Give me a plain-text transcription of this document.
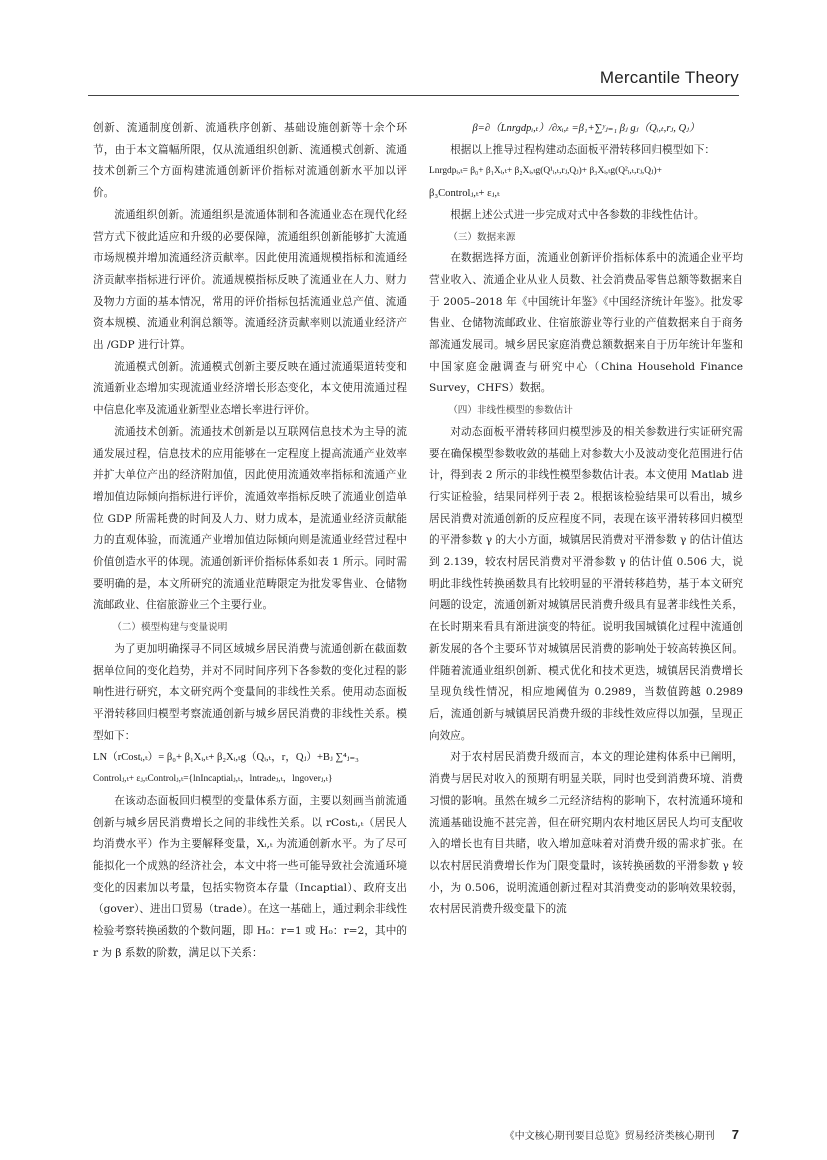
Mercantile Theory

创新、流通制度创新、流通秩序创新、基础设施创新等十余个环节，由于本文篇幅所限，仅从流通组织创新、流通模式创新、流通技术创新三个方面构建流通创新评价指标对流通创新水平加以评价。

流通组织创新。流通组织是流通体制和各流通业态在现代化经营方式下彼此适应和升级的必要保障，流通组织创新能够扩大流通市场规模并增加流通经济贡献率。因此使用流通规模指标和流通经济贡献率指标进行评价。流通规模指标反映了流通业在人力、财力及物力方面的基本情况，常用的评价指标包括流通业总产值、流通资本规模、流通业利润总额等。流通经济贡献率则以流通业经济产出 /GDP 进行计算。

流通模式创新。流通模式创新主要反映在通过流通渠道转变和流通新业态增加实现流通业经济增长形态变化，本文使用流通过程中信息化率及流通业新型业态增长率进行评价。

流通技术创新。流通技术创新是以互联网信息技术为主导的流通发展过程，信息技术的应用能够在一定程度上提高流通产业效率并扩大单位产出的经济附加值，因此使用流通效率指标和流通产业增加值边际倾向指标进行评价，流通效率指标反映了流通业创造单位 GDP 所需耗费的时间及人力、财力成本，是流通业经济贡献能力的直观体验，而流通产业增加值边际倾向则是流通业经营过程中价值创造水平的体现。流通创新评价指标体系如表 1 所示。同时需要明确的是，本文所研究的流通业范畴限定为批发零售业、仓储物流邮政业、住宿旅游业三个主要行业。

（二）模型构建与变量说明

为了更加明确探寻不同区域城乡居民消费与流通创新在截面数据单位间的变化趋势，并对不同时间序列下各参数的变化过程的影响性进行研究，本文研究两个变量间的非线性关系。使用动态面板平滑转移回归模型考察流通创新与城乡居民消费的非线性关系。模型如下：

LN（rCostᵢ,ₜ）= β₀+ β₁Xᵢ,ₜ+ β₂Xᵢ,ₜg（Qᵢ,ₜ，r，Qⱼ）+Bⱼ ∑⁴ⱼ₌₃

Controlⱼ,ₜ+ εⱼ,ₜControlⱼ,ₜ={lnIncaptialⱼ,ₜ，lntradeⱼ,ₜ，lngoverⱼ,ₜ}

在该动态面板回归模型的变量体系方面，主要以刻画当前流通创新与城乡居民消费增长之间的非线性关系。以 rCostᵢ,ₜ（居民人均消费水平）作为主要解释变量，Xᵢ,ₜ 为流通创新水平。为了尽可能拟化一个成熟的经济社会，本文中将一些可能导致社会流通环境变化的因素加以考量，包括实物资本存量（Incaptial）、政府支出（gover）、进出口贸易（trade）。在这一基础上，通过剩余非线性检验考察转换函数的个数问题，即 H₀：r=1 或 H₀：r=2，其中的 r 为 β 系数的阶数，满足以下关系：

β=∂（Lnrgdpᵢ,ₜ）/∂xᵢ,ₜ =β₁+∑ʸⱼ₌₁ βⱼ gⱼ（Qᵢ,ₜ,rⱼ, Qⱼ）

根据以上推导过程构建动态面板平滑转移回归模型如下：

Lnrgdpᵢ,ₜ= β₀+ β₁Xᵢ,ₜ+ β₂Xᵢ,ₜg(Q¹ᵢ,ₜ,rⱼ,Qⱼ)+ β₃Xᵢ,ₜg(Q²ᵢ,ₜ,rⱼ,Qⱼ)+

β₃Controlⱼ,ₜ+ εⱼ,ₜ

根据上述公式进一步完成对式中各参数的非线性估计。

（三）数据来源

在数据选择方面，流通业创新评价指标体系中的流通企业平均营业收入、流通企业从业人员数、社会消费品零售总额等数据来自于 2005–2018 年《中国统计年鉴》《中国经济统计年鉴》。批发零售业、仓储物流邮政业、住宿旅游业等行业的产值数据来自于商务部流通发展司。城乡居民家庭消费总额数据来自于历年统计年鉴和中国家庭金融调查与研究中心（China Household Finance Survey，CHFS）数据。

（四）非线性模型的参数估计

对动态面板平滑转移回归模型涉及的相关参数进行实证研究需要在确保模型参数收敛的基础上对参数大小及波动变化范围进行估计，得到表 2 所示的非线性模型参数估计表。本文使用 Matlab 进行实证检验，结果同样列于表 2。根据该检验结果可以看出，城乡居民消费对流通创新的反应程度不同，表现在该平滑转移回归模型的平滑参数 γ 的大小方面，城镇居民消费对平滑参数 γ 的估计值达到 2.139，较农村居民消费对平滑参数 γ 的估计值 0.506 大，说明此非线性转换函数具有比较明显的平滑转移趋势，基于本文研究问题的设定，流通创新对城镇居民消费升级具有显著非线性关系，在长时期来看具有渐进演变的特征。说明我国城镇化过程中流通创新发展的各个主要环节对城镇居民消费的影响处于较高转换区间。伴随着流通业组织创新、模式优化和技术更迭，城镇居民消费增长呈现负线性情况，相应地阈值为 0.2989，当数值跨越 0.2989 后，流通创新与城镇居民消费升级的非线性效应得以加强，呈现正向效应。

对于农村居民消费升级而言，本文的理论建构体系中已阐明，消费与居民对收入的预期有明显关联，同时也受到消费环境、消费习惯的影响。虽然在城乡二元经济结构的影响下，农村流通环境和流通基础设施不甚完善，但在研究期内农村地区居民人均可支配收入的增长也有目共睹，收入增加意味着对消费升级的需求扩张。在以农村居民消费增长作为门限变量时，该转换函数的平滑参数 γ 较小，为 0.506，说明流通创新过程对其消费变动的影响效果较弱，农村居民消费升级变量下的流

《中文核心期刊要目总览》贸易经济类核心期刊 7
